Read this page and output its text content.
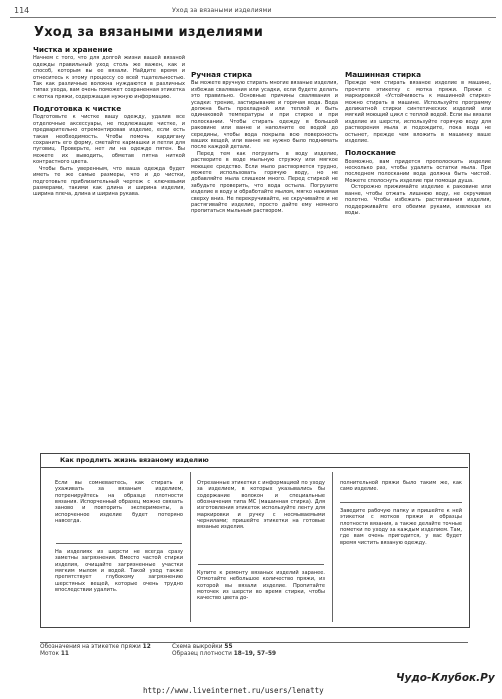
114	Уход за вязаными изделиями
Уход за вязаными изделиями
Чистка и хранение

Начнем с того, что для долгой жизни вашей вязаной одежды правильный уход столь же важен, как и способ, которым вы ее вязали. Найдите время и отнеситесь к этому процессу со всей тщательностью. Так как различные волокна нуждаются в различных типах ухода, вам очень поможет сохраненная этикетка с мотка пряжи, содержащая нужную информацию.

Подготовка к чистке

Подготовьте к чистке вашу одежду, удалив все отделочные аксессуары, не подлежащие чистке, и предварительно отремонтировав изделие, если есть такая необходимость. Чтобы помочь кардигану сохранить его форму, сметайте кармашки и петли для пуговиц. Проверьте, нет ли на одежде пятен. Вы можете их выводить, обметав пятна ниткой контрастного цвета.

Чтобы быть уверенным, что ваша одежда будет иметь те же самые размеры, что и до чистки, подготовьте приблизительный чертеж с ключевыми размерами, такими как длина и ширина изделия, ширина плеча, длина и ширина рукава.

Ручная стирка

Вы можете вручную стирать многие вязаные изделия, избежав свалявания или усадки, если будете делать это правильно. Основные причины свалявания и усадки: трение, застирывание и горячая вода. Вода должна быть прохладной или теплой и быть одинаковой температуры и при стирке и при полоскании. Чтобы стирать одежду в большой раковине или ванне и наполните ее водой до середины, чтобы вода покрыла всю поверхность ваших вещей, или ванне не нужно было поднимать после каждой детали.

Перед тем как погрузить в воду изделие, растворите в воде мыльную стружку или мягкое моющее средство. Если мыло растворяется трудно, можете использовать горячую воду, но не добавляйте мыла слишком много. Перед стиркой не забудьте проверить, что вода остыла. Погрузите изделие в воду и обработайте мылом, мягко нажимая сверху вниз. Не перекручивайте, не скручивайте и не растягивайте изделие, просто дайте ему немного пропитаться мыльным раствором.

Машинная стирка

Прежде чем стирать вязаное изделие в машине, прочтите этикетку с мотка пряжи. Пряжи с маркировкой «Устойчивость к машинной стирке» можно стирать в машине. Используйте программу деликатной стирки синтетических изделий или мягкий моющий цикл с теплой водой. Если вы вязали изделие из шерсти, используйте горячую воду для растворения мыла и подождите, пока вода не остынет, прежде чем вложить в машинку ваше изделие.

Полоскание

Возможно, вам придется прополоскать изделие несколько раз, чтобы удалить остатки мыла. При последнем полоскании вода должна быть чистой. Можете сполоснуть изделие при помощи душа.

Осторожно прижимайте изделие к раковине или ванне, чтобы отжать лишнюю воду, не скручивая полотно. Чтобы избежать растягивания изделия, поддерживайте его обеими руками, извлекая из воды.

Как продлить жизнь вязаному изделию

Если вы сомневаетесь, как стирать и ухаживать за вязаным изделием, потренируйтесь на образце плотности вязания. Испорченный образец можно связать заново и повторить эксперименты, а испорченное изделие будет потеряно навсегда.

На изделиях из шерсти не всегда сразу заметны загрязнения. Вместо частой стирки изделия, очищайте загрязненные участки мягким мылом и водой. Такой уход также препятствует глубокому загрязнению шерстяных вещей, которые очень трудно впоследствии удалить.

Отрезанные этикетки с информацией по уходу за изделием, в которых указывались бы содержание волокон и специальные обозначения типа МС (машинная стирка). Для изготовления этикеток используйте ленту для маркировки и ручку с несмываемыми чернилами; пришейте этикетки на готовые вязаные изделия.

Купите к ремонту вязаных изделий заранее. Отмотайте небольшое количество пряжи, из которой вы вязали изделие. Пропитайте моточек из шерсти во время стирки, чтобы качество цвета до-

полнительной пряжи было таким же, как само изделие.

Заведите рабочую папку и пришейте к ней этикетки с мотков пряжи и образцы плотности вязания, а также делайте точные пометки по уходу за каждым изделием. Там, где вам очень пригодится, у вас будет время чистить вязаную одежду.

Обозначения на этикетке пряжи 12
Моток 11
Схема выкройки 55
Образец плотности 18–19, 57–59
Чудо-Клубок.Ру
http://www.liveinternet.ru/users/lenatty
